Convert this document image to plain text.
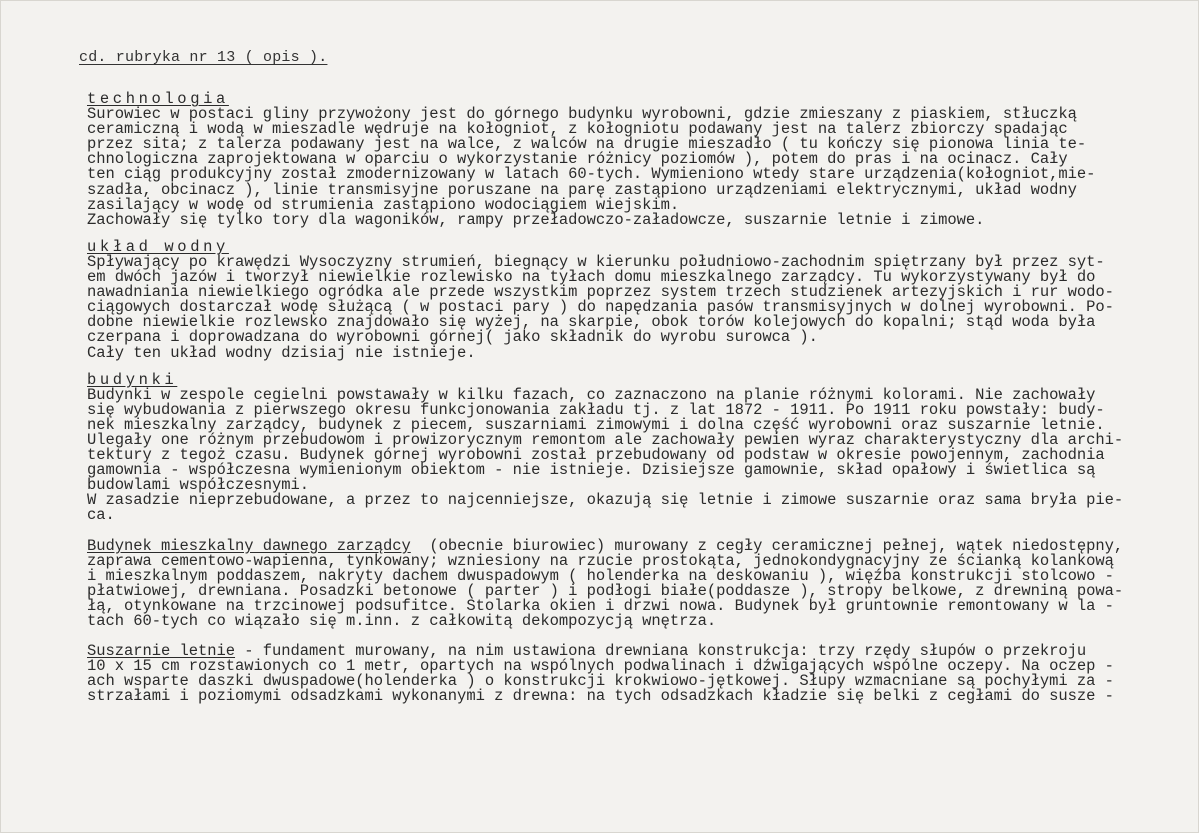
cd. rubryka nr 13 ( opis ).
technologia
Surowiec w postaci gliny przywożony jest do górnego budynku wyrobowni, gdzie zmieszany z piaskiem, stłuczką
ceramiczną i wodą w mieszadle wędruje na kołogniot, z kołogniotu podawany jest na talerz zbiorczy spadając
przez sita; z talerza podawany jest na walce, z walców na drugie mieszadło ( tu kończy się pionowa linia te-
chnologiczna zaprojektowana w oparciu o wykorzystanie różnicy poziomów ), potem do pras i na ocinacz. Cały
ten ciąg produkcyjny został zmodernizowany w latach 60-tych. Wymieniono wtedy stare urządzenia(kołogniot,mie-
szadła, obcinacz ), linie transmisyjne poruszane na parę zastąpiono urządzeniami elektrycznymi, układ wodny
zasilający w wodę od strumienia zastąpiono wodociągiem wiejskim.
Zachowały się tylko tory dla wagoników, rampy przeładowczo-załadowcze, suszarnie letnie i zimowe.
układ wodny
Spływający po krawędzi Wysoczyzny strumień, biegnący w kierunku południowo-zachodnim spiętrzany był przez syt-
em dwóch jazów i tworzył niewielkie rozlewisko na tyłach domu mieszkalnego zarządcy. Tu wykorzystywany był do
nawadniania niewielkiego ogródka ale przede wszystkim poprzez system trzech studzienek artezyjskich i rur wodo-
ciągowych dostarczał wodę służącą ( w postaci pary ) do napędzania pasów transmisyjnych w dolnej wyrobowni. Po-
dobne niewielkie rozlewsko znajdowało się wyżej, na skarpie, obok torów kolejowych do kopalni; stąd woda była
czerpana i doprowadzana do wyrobowni górnej( jako składnik do wyrobu surowca ).
Cały ten układ wodny dzisiaj nie istnieje.
budynki
Budynki w zespole cegielni powstawały w kilku fazach, co zaznaczono na planie różnymi kolorami. Nie zachowały
się wybudowania z pierwszego okresu funkcjonowania zakładu tj. z lat 1872 - 1911. Po 1911 roku powstały: budy-
nek mieszkalny zarządcy, budynek z piecem, suszarniami zimowymi i dolna część wyrobowni oraz suszarnie letnie.
Ulegały one różnym przebudowom i prowizorycznym remontom ale zachowały pewien wyraz charakterystyczny dla archi-
tektury z tegoż czasu. Budynek górnej wyrobowni został przebudowany od podstaw w okresie powojennym, zachodnia
gamownia - współczesna wymienionym obiektom - nie istnieje. Dzisiejsze gamownie, skład opałowy i świetlica są
budowlami współczesnymi.
W zasadzie nieprzebudowane, a przez to najcenniejsze, okazują się letnie i zimowe suszarnie oraz sama bryła pie-
ca.
Budynek mieszkalny dawnego zarządcy  (obecnie biurowiec) murowany z cegły ceramicznej pełnej, wątek niedostępny,
zaprawa cementowo-wapienna, tynkowany; wzniesiony na rzucie prostokąta, jednokondygnacyjny ze ścianką kolankową
i mieszkalnym poddaszem, nakryty dachem dwuspadowym ( holenderka na deskowaniu ), więźba konstrukcji stolcowo -
płatwiowej, drewniana. Posadzki betonowe ( parter ) i podłogi białe(poddasze ), stropy belkowe, z drewniną powa-
łą, otynkowane na trzcinowej podsufitce. Stolarka okien i drzwi nowa. Budynek był gruntownie remontowany w la -
tach 60-tych co wiązało się m.inn. z całkowitą dekompozycją wnętrza.
Suszarnie letnie - fundament murowany, na nim ustawiona drewniana konstrukcja: trzy rzędy słupów o przekroju
10 x 15 cm rozstawionych co 1 metr, opartych na wspólnych podwalinach i dźwigających wspólne oczepy. Na oczep -
ach wsparte daszki dwuspadowe(holenderka ) o konstrukcji krokwiowo-jętkowej. Słupy wzmacniane są pochyłymi za -
strzałami i poziomymi odsadzkami wykonanymi z drewna: na tych odsadzkach kładzie się belki z cegłami do susze -
